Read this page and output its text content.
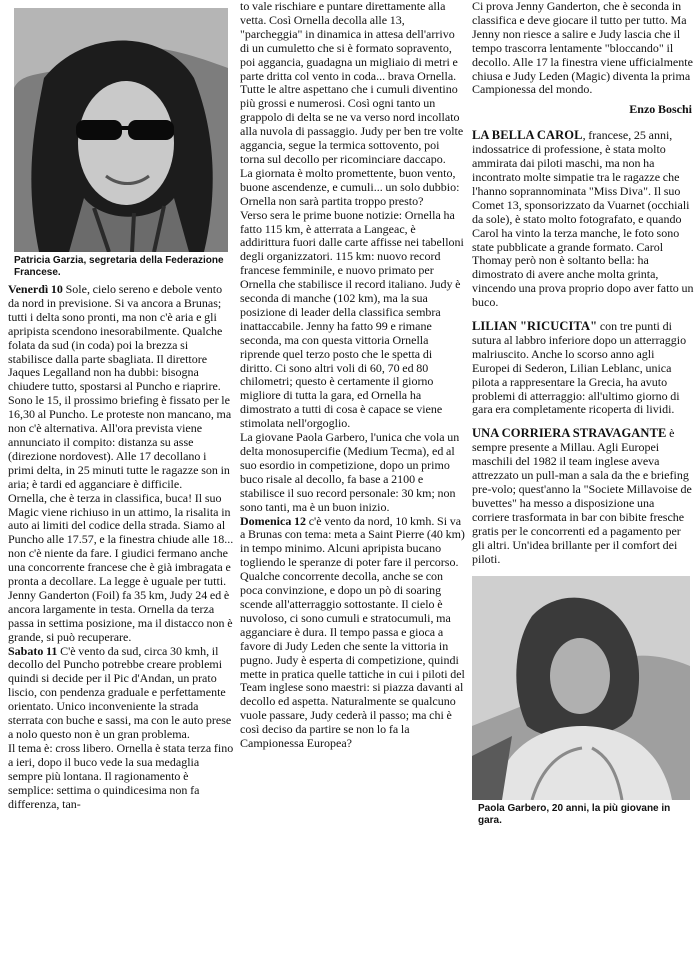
Patricia Garzia, segretaria della Federazione Francese.

Venerdì 10 Sole, cielo sereno e debole vento da nord in previsione. Si va ancora a Brunas; tutti i delta sono pronti, ma non c'è aria e gli apripista scendono inesorabilmente. Qualche folata da sud (in coda) poi la brezza si stabilisce dalla parte sbagliata. Il direttore Jaques Legalland non ha dubbi: bisogna chiudere tutto, spostarsi al Puncho e riaprire. Sono le 15, il prossimo briefing è fissato per le 16,30 al Puncho. Le proteste non mancano, ma non c'è alternativa. All'ora prevista viene annunciato il compito: distanza su asse (direzione nordovest). Alle 17 decollano i primi delta, in 25 minuti tutte le ragazze son in aria; è tardi ed agganciare è difficile.

Ornella, che è terza in classifica, buca! Il suo Magic viene richiuso in un attimo, la risalita in auto ai limiti del codice della strada. Siamo al Puncho alle 17.57, e la finestra chiude alle 18... non c'è niente da fare. I giudici fermano anche una concorrente francese che è già imbragata e pronta a decollare. La legge è uguale per tutti. Jenny Ganderton (Foil) fa 35 km, Judy 24 ed è ancora largamente in testa. Ornella da terza passa in settima posizione, ma il distacco non è grande, si può recuperare.

Sabato 11 C'è vento da sud, circa 30 kmh, il decollo del Puncho potrebbe creare problemi quindi si decide per il Pic d'Andan, un prato liscio, con pendenza graduale e perfettamente orientato. Unico inconveniente la strada sterrata con buche e sassi, ma con le auto prese a nolo questo non è un gran problema.

Il tema è: cross libero. Ornella è stata terza fino a ieri, dopo il buco vede la sua medaglia sempre più lontana. Il ragionamento è semplice: settima o quindicesima non fa differenza, tan-

to vale rischiare e puntare direttamente alla vetta. Così Ornella decolla alle 13, "parcheggia" in dinamica in attesa dell'arrivo di un cumuletto che si è formato sopravento, poi aggancia, guadagna un migliaio di metri e parte dritta col vento in coda... brava Ornella.

Tutte le altre aspettano che i cumuli diventino più grossi e numerosi. Così ogni tanto un grappolo di delta se ne va verso nord incollato alla nuvola di passaggio. Judy per ben tre volte aggancia, segue la termica sottovento, poi torna sul decollo per ricominciare daccapo.

La giornata è molto promettente, buon vento, buone ascendenze, e cumuli... un solo dubbio: Ornella non sarà partita troppo presto?

Verso sera le prime buone notizie: Ornella ha fatto 115 km, è atterrata a Langeac, è addirittura fuori dalle carte affisse nei tabelloni degli organizzatori. 115 km: nuovo record francese femminile, e nuovo primato per Ornella che stabilisce il record italiano. Judy è seconda di manche (102 km), ma la sua posizione di leader della classifica sembra inattaccabile. Jenny ha fatto 99 e rimane seconda, ma con questa vittoria Ornella riprende quel terzo posto che le spetta di diritto. Ci sono altri voli di 60, 70 ed 80 chilometri; questo è certamente il giorno migliore di tutta la gara, ed Ornella ha dimostrato a tutti di cosa è capace se viene stimolata nell'orgoglio.

La giovane Paola Garbero, l'unica che vola un delta monosupercifie (Medium Tecma), ed al suo esordio in competizione, dopo un primo buco risale al decollo, fa base a 2100 e stabilisce il suo record personale: 30 km; non sono tanti, ma è un buon inizio.

Domenica 12 c'è vento da nord, 10 kmh. Si va a Brunas con tema: meta a Saint Pierre (40 km) in tempo minimo. Alcuni apripista bucano togliendo le speranze di poter fare il percorso. Qualche concorrente decolla, anche se con poca convinzione, e dopo un pò di soaring scende all'atterraggio sottostante. Il cielo è nuvoloso, ci sono cumuli e stratocumuli, ma agganciare è dura. Il tempo passa e gioca a favore di Judy Leden che sente la vittoria in pugno. Judy è esperta di competizione, quindi mette in pratica quelle tattiche in cui i piloti del Team inglese sono maestri: si piazza davanti al decollo ed aspetta. Naturalmente se qualcuno vuole passare, Judy cederà il passo; ma chi è così deciso da partire se non lo fa la Campionessa Europea?

Ci prova Jenny Ganderton, che è seconda in classifica e deve giocare il tutto per tutto. Ma Jenny non riesce a salire e Judy lascia che il tempo trascorra lentamente "bloccando" il decollo. Alle 17 la finestra viene ufficialmente chiusa e Judy Leden (Magic) diventa la prima Campionessa del mondo.

Enzo Boschi

LA BELLA CAROL, francese, 25 anni, indossatrice di professione, è stata molto ammirata dai piloti maschi, ma non ha incontrato molte simpatie tra le ragazze che l'hanno soprannominata "Miss Diva". Il suo Comet 13, sponsorizzato da Vuarnet (occhiali da sole), è stato molto fotografato, e quando Carol ha vinto la terza manche, le foto sono state pubblicate a grande formato. Carol Thomay però non è soltanto bella: ha dimostrato di avere anche molta grinta, vincendo una prova proprio dopo aver fatto un buco.

LILIAN "RICUCITA" con tre punti di sutura al labbro inferiore dopo un atterraggio malriuscito. Anche lo scorso anno agli Europei di Sederon, Lilian Leblanc, unica pilota a rappresentare la Grecia, ha avuto problemi di atterraggio: all'ultimo giorno di gara era completamente ricoperta di lividi.

UNA CORRIERA STRAVAGANTE è sempre presente a Millau. Agli Europei maschili del 1982 il team inglese aveva attrezzato un pull-man a sala da the e briefing pre-volo; quest'anno la "Societe Millavoise de buvettes" ha messo a disposizione una corriere trasformata in bar con bibite fresche gratis per le concorrenti ed a pagamento per gli altri. Un'idea brillante per il comfort dei piloti.

Paola Garbero, 20 anni, la più giovane in gara.
